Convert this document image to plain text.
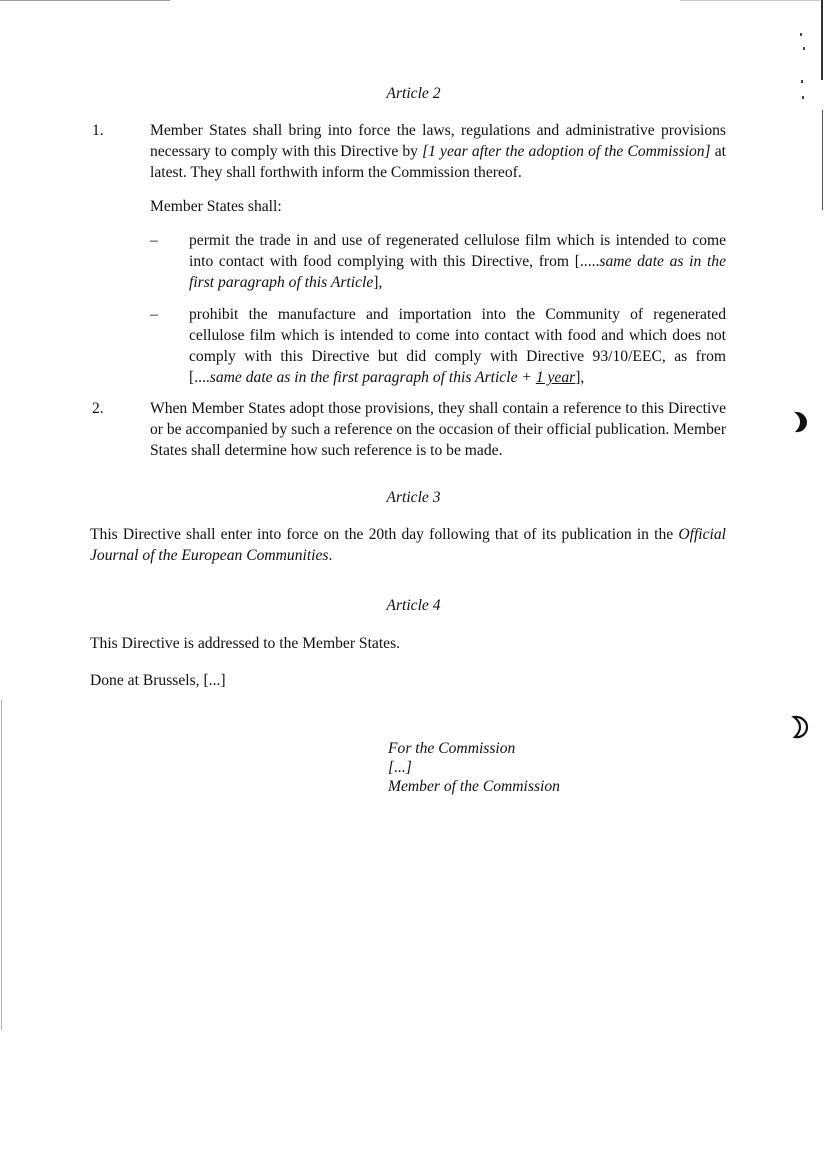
Article 2
1.	Member States shall bring into force the laws, regulations and administrative provisions necessary to comply with this Directive by [1 year after the adoption of the Commission] at latest. They shall forthwith inform the Commission thereof.
Member States shall:
– permit the trade in and use of regenerated cellulose film which is intended to come into contact with food complying with this Directive, from [.....same date as in the first paragraph of this Article],
– prohibit the manufacture and importation into the Community of regenerated cellulose film which is intended to come into contact with food and which does not comply with this Directive but did comply with Directive 93/10/EEC, as from [....same date as in the first paragraph of this Article + 1 year],
2.	When Member States adopt those provisions, they shall contain a reference to this Directive or be accompanied by such a reference on the occasion of their official publication. Member States shall determine how such reference is to be made.
Article 3
This Directive shall enter into force on the 20th day following that of its publication in the Official Journal of the European Communities.
Article 4
This Directive is addressed to the Member States.
Done at Brussels, [...]
For the Commission
[...]
Member of the Commission
